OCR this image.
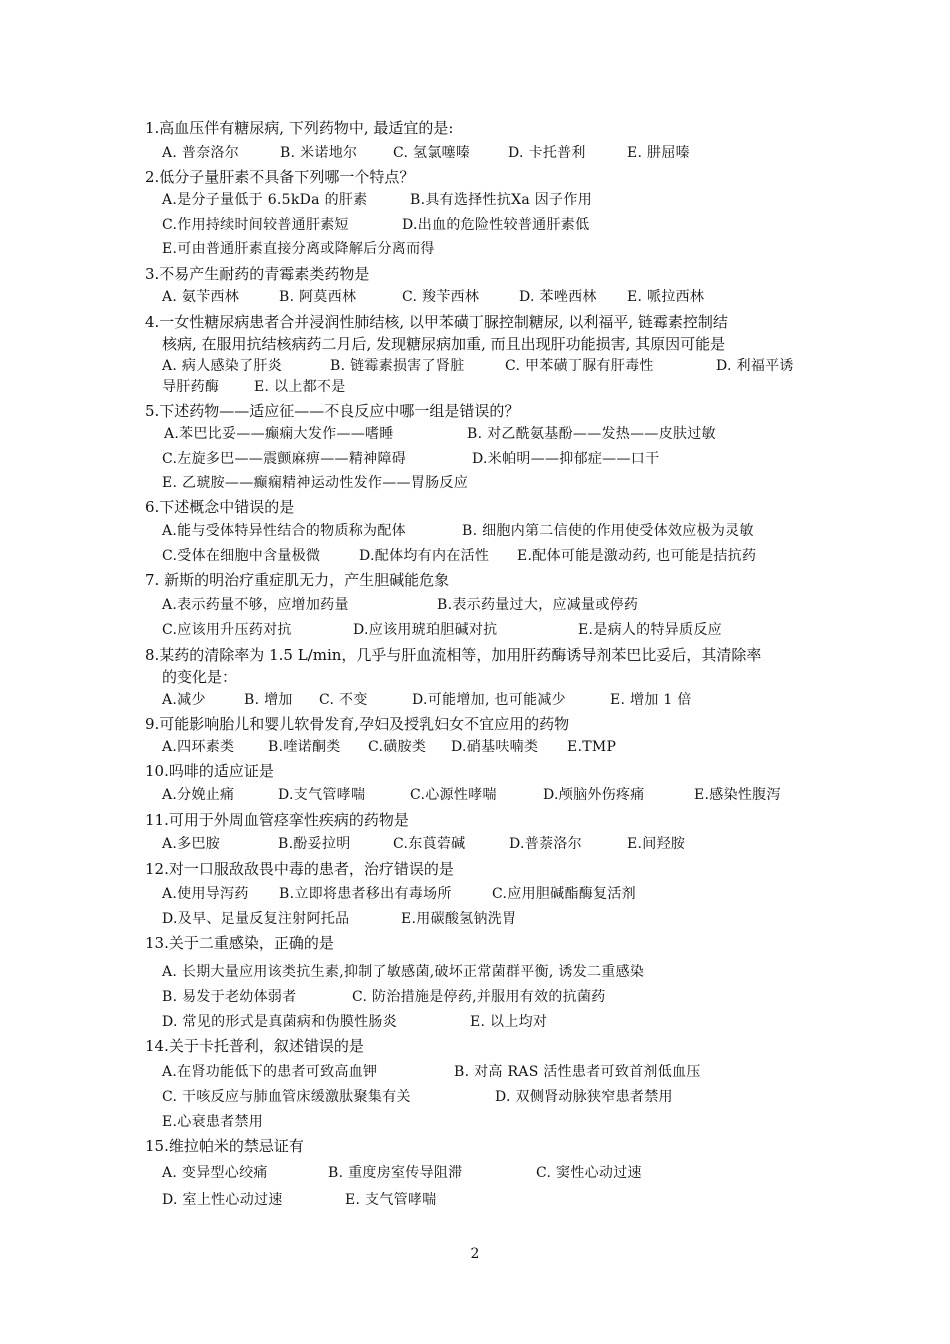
1.高血压伴有糖尿病, 下列药物中, 最适宜的是:
A. 普奈洛尔	B. 米诺地尔	C. 氢氯噻嗪	D. 卡托普利	E. 肼屈嗪
2.低分子量肝素不具备下列哪一个特点？
A.是分子量低于 6.5kDa 的肝素	B.具有选择性抗Ⅹa 因子作用
C.作用持续时间较普通肝素短	D.出血的危险性较普通肝素低
E.可由普通肝素直接分离或降解后分离而得
3.不易产生耐药的青霉素类药物是
A. 氨苄西林	B. 阿莫西林	C. 羧苄西林	D. 苯唑西林 E. 哌拉西林
4.一女性糖尿病患者合并浸润性肺结核, 以甲苯磺丁脲控制糖尿, 以利福平, 链霉素控制结
核病, 在服用抗结核病药二月后, 发现糖尿病加重, 而且出现肝功能损害, 其原因可能是
A. 病人感染了肝炎	B. 链霉素损害了肾脏	C. 甲苯磺丁脲有肝毒性	D. 利福平诱
导肝药酶 E. 以上都不是
5.下述药物——适应征——不良反应中哪一组是错误的？
A.苯巴比妥——癫痫大发作——嗜睡	B. 对乙酰氨基酚——发热——皮肤过敏
C.左旋多巴——震颤麻痹——精神障碍	D.米帕明——抑郁症——口干
E. 乙琥胺——癫痫精神运动性发作——胃肠反应
6.下述概念中错误的是
A.能与受体特异性结合的物质称为配体	B. 细胞内第二信使的作用使受体效应极为灵敏
C.受体在细胞中含量极微	D.配体均有内在活性 E.配体可能是激动药, 也可能是拮抗药
7. 新斯的明治疗重症肌无力，产生胆碱能危象
A.表示药量不够，应增加药量	B.表示药量过大，应减量或停药
C.应该用升压药对抗	D.应该用琥珀胆碱对抗	E.是病人的特异质反应
8.某药的清除率为 1.5 L/min，几乎与肝血流相等，加用肝药酶诱导剂苯巴比妥后，其清除率
的变化是：
A.减少	B. 增加 C. 不变	D.可能增加, 也可能减少	E. 增加 1 倍
9.可能影响胎儿和婴儿软骨发育,孕妇及授乳妇女不宜应用的药物
A.四环素类 B.喹诺酮类 C.磺胺类 D.硝基呋喃类 E.TMP
10.吗啡的适应证是
A.分娩止痛	D.支气管哮喘	C.心源性哮喘	D.颅脑外伤疼痛	E.感染性腹泻
11.可用于外周血管痉挛性疾病的药物是
A.多巴胺	B.酚妥拉明	C.东莨菪碱	D.普萘洛尔	E.间羟胺
12.对一口服敌敌畏中毒的患者，治疗错误的是
A.使用导泻药 B.立即将患者移出有毒场所	C.应用胆碱酯酶复活剂
D.及早、足量反复注射阿托品	E.用碳酸氢钠洗胃
13.关于二重感染，正确的是
A. 长期大量应用该类抗生素,抑制了敏感菌,破坏正常菌群平衡, 诱发二重感染
B. 易发于老幼体弱者	C. 防治措施是停药,并服用有效的抗菌药
D. 常见的形式是真菌病和伪膜性肠炎	E. 以上均对
14.关于卡托普利，叙述错误的是
A.在肾功能低下的患者可致高血钾	B. 对高 RAS 活性患者可致首剂低血压
C. 干咳反应与肺血管床缓激肽聚集有关	D. 双侧肾动脉狭窄患者禁用
E.心衰患者禁用
15.维拉帕米的禁忌证有
A. 变异型心绞痛	B. 重度房室传导阻滞	C. 窦性心动过速
D. 室上性心动过速	E. 支气管哮喘
2
